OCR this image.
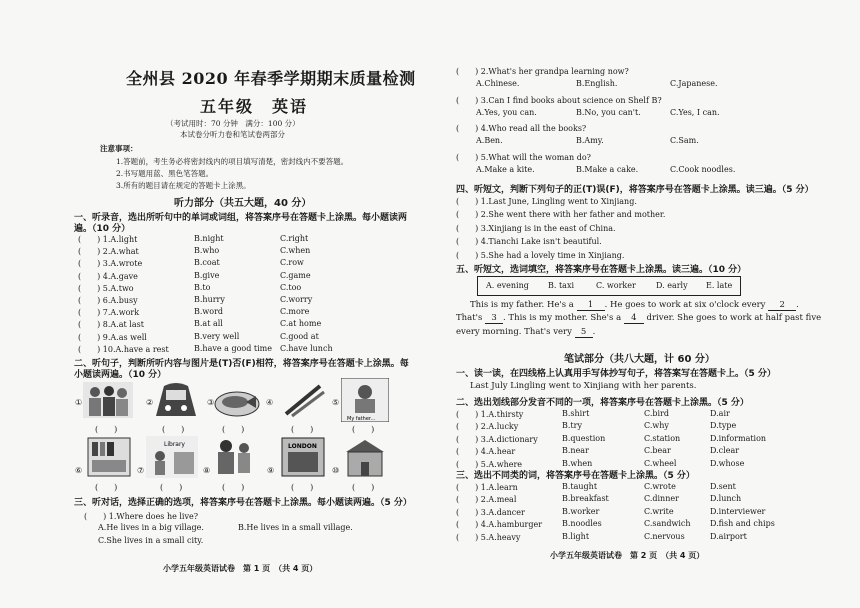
全州县 2020 年春季学期期末质量检测
五年级　英语
（考试用时：70 分钟　满分：100 分）
本试卷分听力卷和笔试卷两部分
注意事项：
1.答题前，考生务必将密封线内的项目填写清楚，密封线内不要答题。
2.书写题用蓝、黑色笔答题。
3.所有的题目请在规定的答题卡上涂黑。
听力部分（共五大题，40 分）
一、听录音，选出所听句中的单词或词组，将答案序号在答题卡上涂黑。每小题读两
遍。（10 分）
(　　) 1.A.light	B.night	C.right
(　　) 2.A.what	B.who	C.when
(　　) 3.A.wrote	B.coat	C.row
(　　) 4.A.gave	B.give	C.game
(　　) 5.A.two	B.to	C.too
(　　) 6.A.busy	B.hurry	C.worry
(　　) 7.A.work	B.word	C.more
(　　) 8.A.at last	B.at all	C.at home
(　　) 9.A.as well	B.very well	C.good at
(　　) 10.A.have a rest	B.have a good time C.have lunch
二、听句子，判断所听内容与图片是(T)否(F)相符，将答案序号在答题卡上涂黑。每
小题读两遍。（10 分）
①	②	③	④	⑤
My father...
(　　)	(　　)	(　　)	(　　)	(　　)
⑥	⑦
Library
⑧	⑨
LONDON
⑩
(　　)	(　　)	(　　)	(　　)	(　　)
三、听对话，选择正确的选项，将答案序号在答题卡上涂黑。每小题读两遍。（5 分）
(　　) 1.Where does he live?
A.He lives in a big village.	B.He lives in a small village.
C.She lives in a small city.
小学五年级英语试卷　第 1 页　（共 4 页）
(　　) 2.What's her grandpa learning now?
A.Chinese.	B.English.	C.Japanese.
(　　) 3.Can I find books about science on Shelf B?
A.Yes, you can.	B.No, you can't.	C.Yes, I can.
(　　) 4.Who read all the books?
A.Ben.	B.Amy.	C.Sam.
(　　) 5.What will the woman do?
A.Make a kite.	B.Make a cake.	C.Cook noodles.
四、听短文，判断下列句子的正(T)误(F)，将答案序号在答题卡上涂黑。读三遍。（5 分）
(　　) 1.Last June, Lingling went to Xinjiang.
(　　) 2.She went there with her father and mother.
(　　) 3.Xinjiang is in the east of China.
(　　) 4.Tianchi Lake isn't beautiful.
(　　) 5.She had a lovely time in Xinjiang.
五、听短文，选词填空，将答案序号在答题卡上涂黑。读三遍。（10 分）
A. evening B. taxi	C. worker	D. early E. late
This is my father. He's a 1 . He goes to work at six o'clock every 2 .
That's 3 . This is my mother. She's a 4 driver. She goes to work at half past five
every morning. That's very 5 .
笔试部分（共八大题，计 60 分）
一、读一读，在四线格上认真用手写体抄写句子，将答案写在答题卡上。（5 分）
Last July Lingling went to Xinjiang with her parents.
二、选出划线部分发音不同的一项，将答案序号在答题卡上涂黑。（5 分）
(　　) 1.A.thirsty	B.shirt	C.bird	D.air
(　　) 2.A.lucky	B.try	C.why	D.type
(　　) 3.A.dictionary	B.question	C.station	D.information
(　　) 4.A.hear	B.near	C.bear	D.clear
(　　) 5.A.where	B.when	C.wheel	D.whose
三、选出不同类的词，将答案序号在答题卡上涂黑。（5 分）
(　　) 1.A.learn	B.taught	C.wrote	D.sent
(　　) 2.A.meal	B.breakfast	C.dinner	D.lunch
(　　) 3.A.dancer	B.worker	C.write	D.interviewer
(　　) 4.A.hamburger B.noodles	C.sandwich D.fish and chips
(　　) 5.A.heavy	B.light	C.nervous	D.airport
小学五年级英语试卷　第 2 页　（共 4 页）
